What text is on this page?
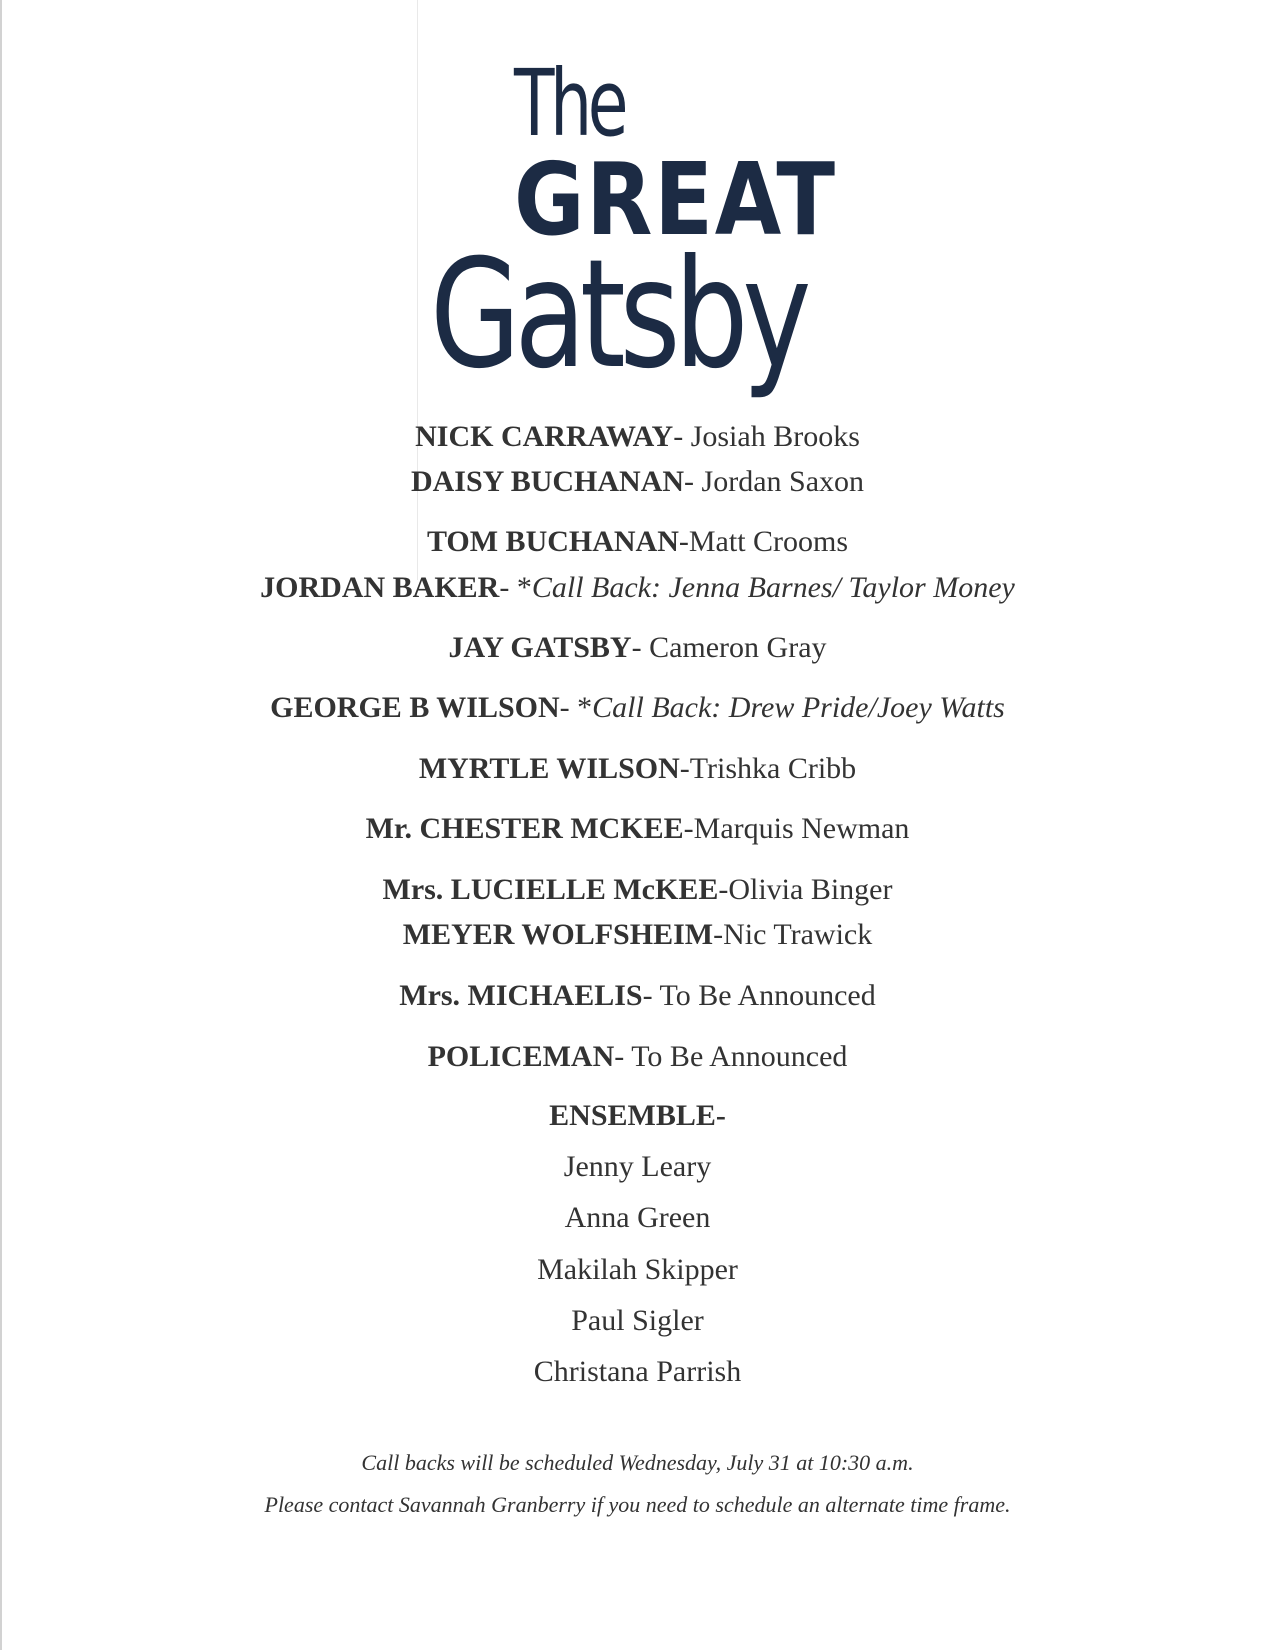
The
GREAT
Gatsby
NICK CARRAWAY- Josiah Brooks
DAISY BUCHANAN- Jordan Saxon
TOM BUCHANAN-Matt Crooms
JORDAN BAKER- *Call Back: Jenna Barnes/ Taylor Money
JAY GATSBY- Cameron Gray
GEORGE B WILSON- *Call Back: Drew Pride/Joey Watts
MYRTLE WILSON-Trishka Cribb
Mr. CHESTER MCKEE-Marquis Newman
Mrs. LUCIELLE McKEE-Olivia Binger
MEYER WOLFSHEIM-Nic Trawick
Mrs. MICHAELIS- To Be Announced
POLICEMAN- To Be Announced
ENSEMBLE-
Jenny Leary
Anna Green
Makilah Skipper
Paul Sigler
Christana Parrish
Call backs will be scheduled Wednesday, July 31 at 10:30 a.m.
Please contact Savannah Granberry if you need to schedule an alternate time frame.
